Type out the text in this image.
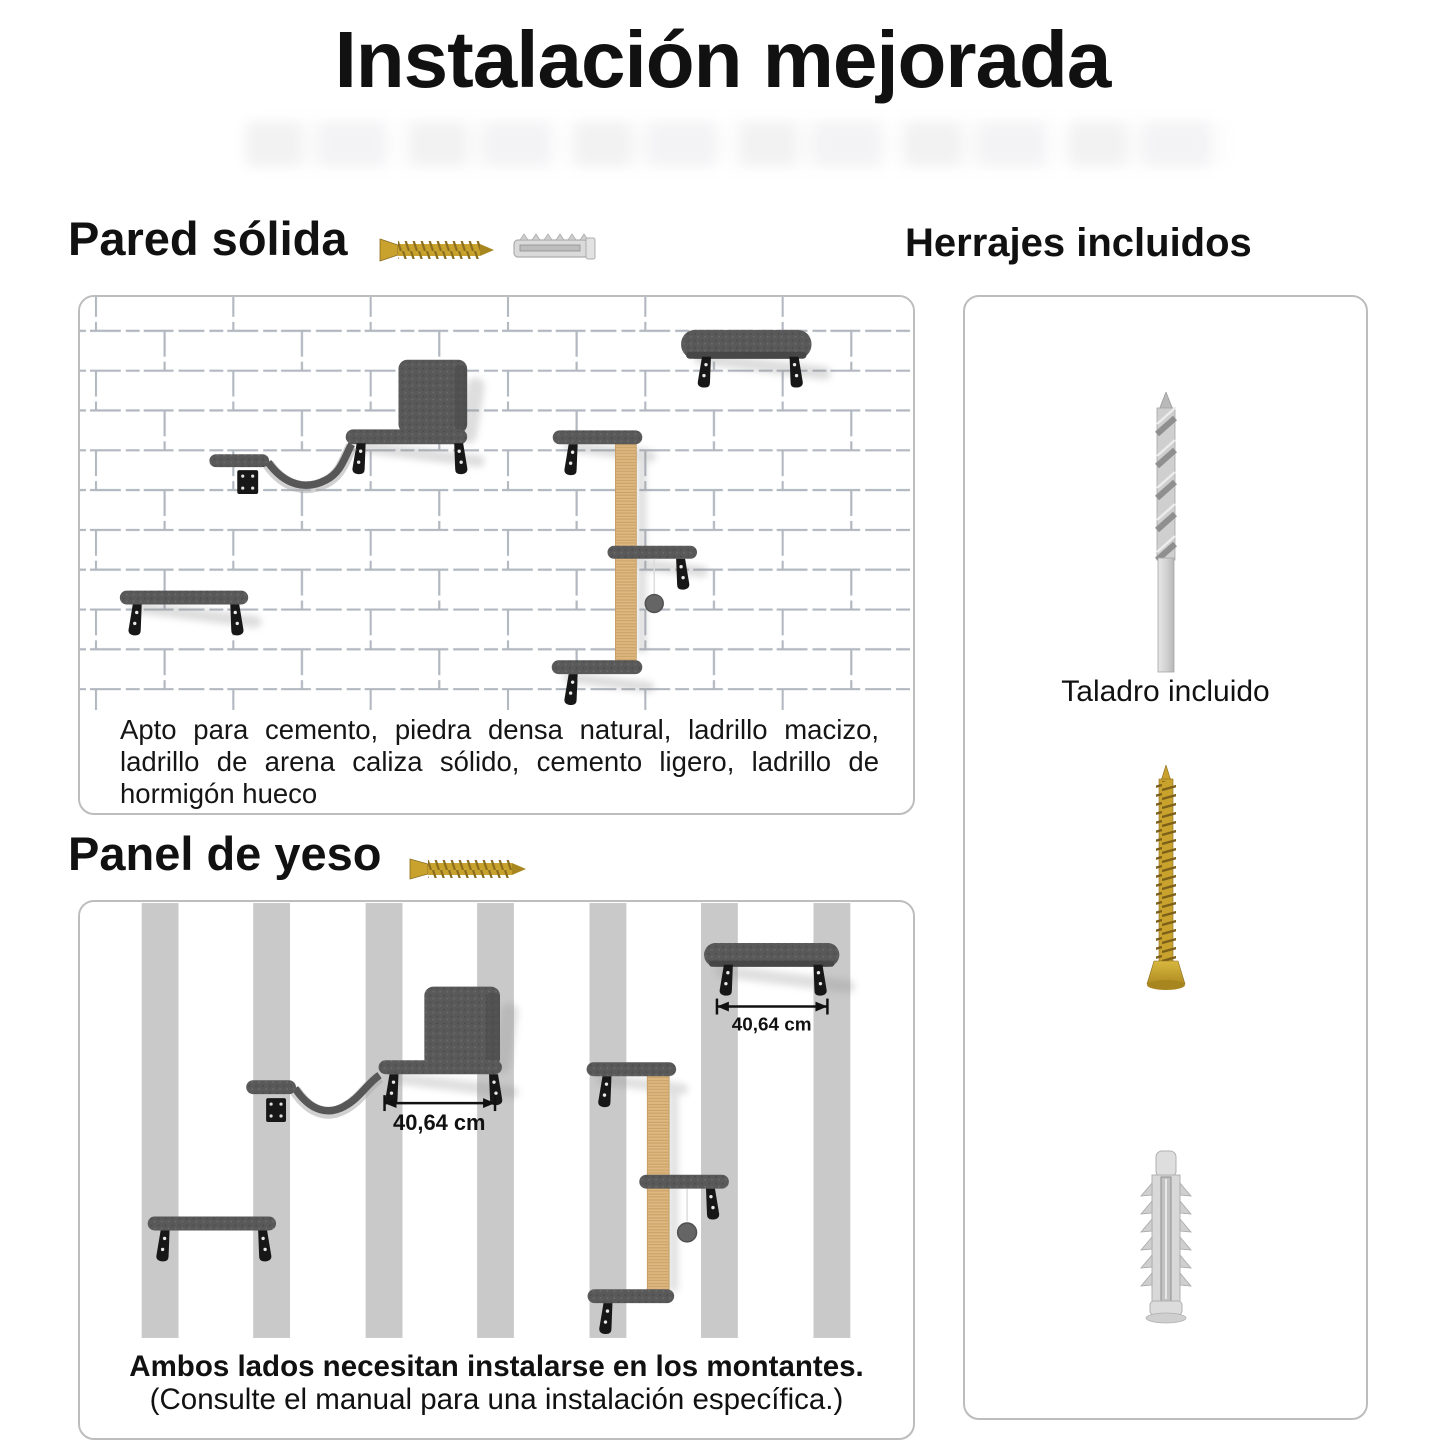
Instalación mejorada
Pared sólida

Apto para cemento, piedra densa natural, ladrillo macizo, ladrillo de arena caliza sólido, cemento ligero, ladrillo de hormigón hueco

Panel de yeso
40,64 cm
40,64 cm

Ambos lados necesitan instalarse en los montantes.

(Consulte el manual para una instalación específica.)

Herrajes incluidos
Taladro incluido
